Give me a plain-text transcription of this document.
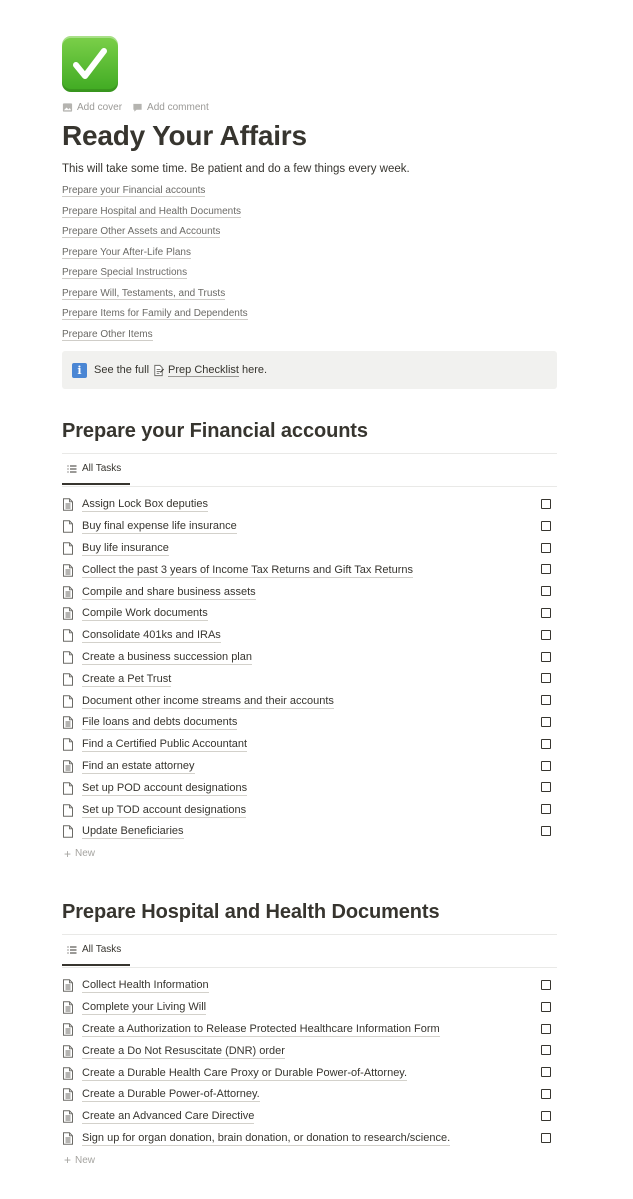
Add cover	Add comment
Ready Your Affairs
This will take some time. Be patient and do a few things every week.
Prepare your Financial accounts
Prepare Hospital and Health Documents
Prepare Other Assets and Accounts
Prepare Your After-Life Plans
Prepare Special Instructions
Prepare Will, Testaments, and Trusts
Prepare Items for Family and Dependents
Prepare Other Items
i	See the full Prep Checklist here.
Prepare your Financial accounts
All Tasks
Assign Lock Box deputies
Buy final expense life insurance
Buy life insurance
Collect the past 3 years of Income Tax Returns and Gift Tax Returns
Compile and share business assets
Compile Work documents
Consolidate 401ks and IRAs
Create a business succession plan
Create a Pet Trust
Document other income streams and their accounts
File loans and debts documents
Find a Certified Public Accountant
Find an estate attorney
Set up POD account designations
Set up TOD account designations
Update Beneficiaries
+ New
Prepare Hospital and Health Documents
All Tasks
Collect Health Information
Complete your Living Will
Create a Authorization to Release Protected Healthcare Information Form
Create a Do Not Resuscitate (DNR) order
Create a Durable Health Care Proxy or Durable Power-of-Attorney.
Create a Durable Power-of-Attorney.
Create an Advanced Care Directive
Sign up for organ donation, brain donation, or donation to research/science.
+ New
